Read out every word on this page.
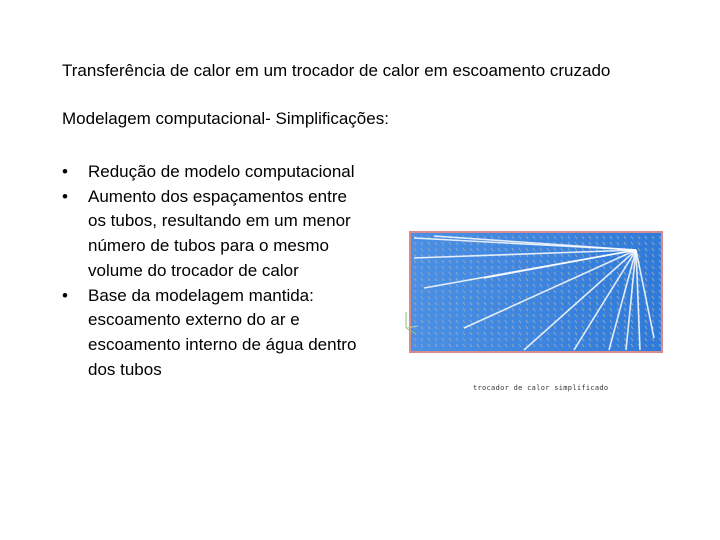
Transferência de calor em um trocador de calor em escoamento cruzado
Modelagem computacional- Simplificações:
• Redução de modelo computacional
• Aumento dos espaçamentos entre os tubos, resultando em um menor número de tubos para o mesmo volume do trocador de calor
• Base da modelagem mantida: escoamento externo do ar e escoamento interno de água dentro dos tubos
trocador de calor simplificado
